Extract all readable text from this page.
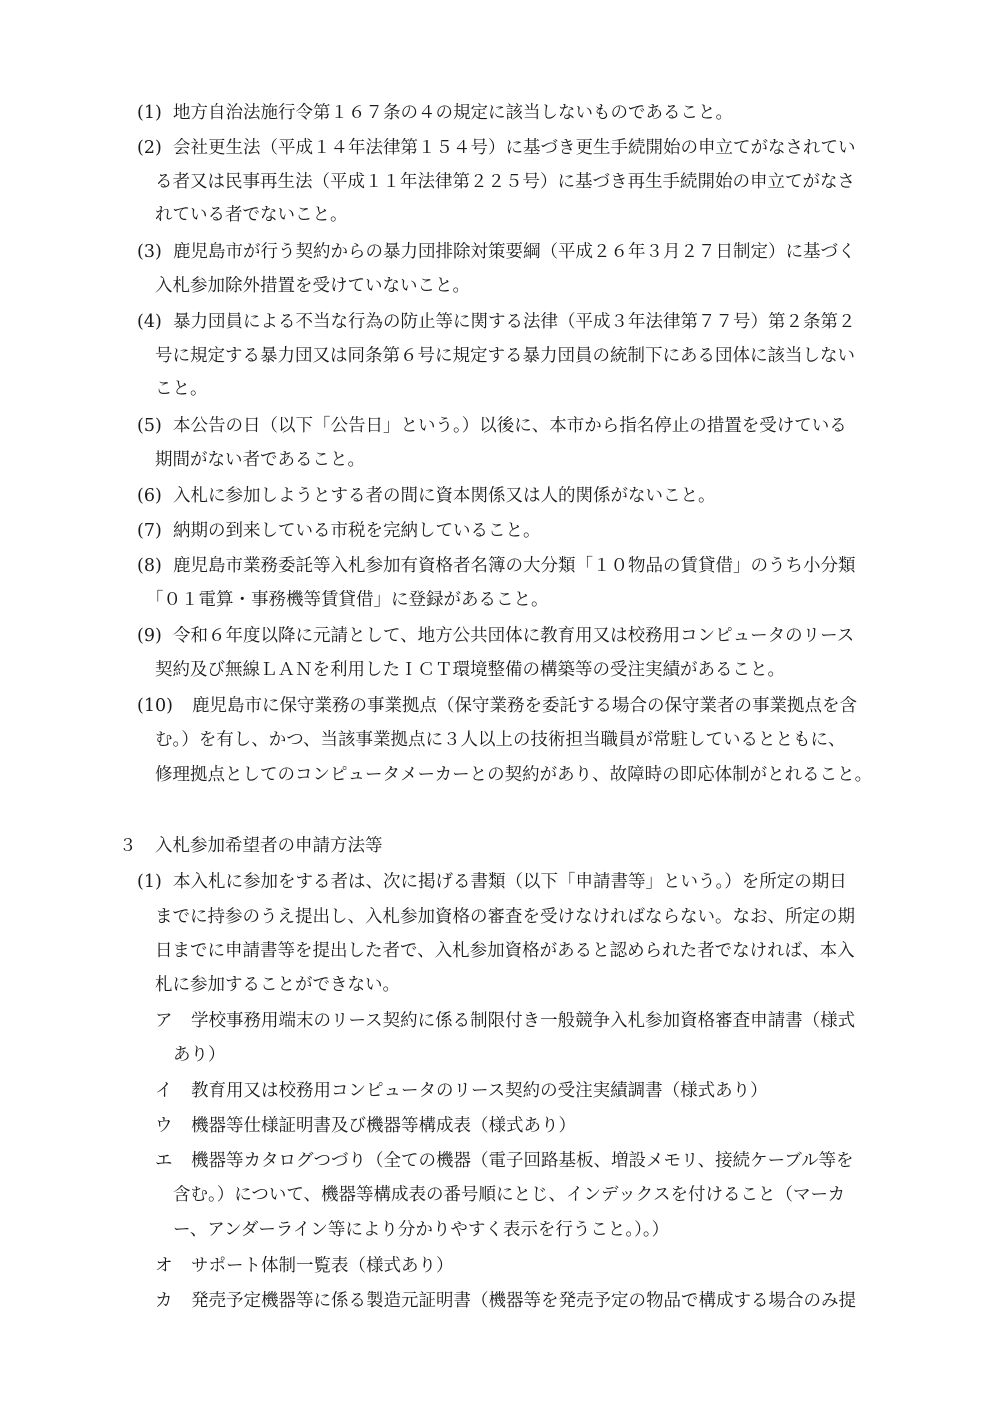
(1) 地方自治法施行令第１６７条の４の規定に該当しないものであること。
(2) 会社更生法（平成１４年法律第１５４号）に基づき更生手続開始の申立てがなされてい
る者又は民事再生法（平成１１年法律第２２５号）に基づき再生手続開始の申立てがなさ
れている者でないこと。
(3) 鹿児島市が行う契約からの暴力団排除対策要綱（平成２６年３月２７日制定）に基づく
入札参加除外措置を受けていないこと。
(4) 暴力団員による不当な行為の防止等に関する法律（平成３年法律第７７号）第２条第２
号に規定する暴力団又は同条第６号に規定する暴力団員の統制下にある団体に該当しない
こと。
(5) 本公告の日（以下「公告日」という。）以後に、本市から指名停止の措置を受けている
期間がない者であること。
(6) 入札に参加しようとする者の間に資本関係又は人的関係がないこと。
(7) 納期の到来している市税を完納していること。
(8) 鹿児島市業務委託等入札参加有資格者名簿の大分類「１０物品の賃貸借」のうち小分類
「０１電算・事務機等賃貸借」に登録があること。
(9) 令和６年度以降に元請として、地方公共団体に教育用又は校務用コンピュータのリース
契約及び無線ＬＡＮを利用したＩＣＴ環境整備の構築等の受注実績があること。
(10) 鹿児島市に保守業務の事業拠点（保守業務を委託する場合の保守業者の事業拠点を含
む。）を有し、かつ、当該事業拠点に３人以上の技術担当職員が常駐しているとともに、
修理拠点としてのコンピュータメーカーとの契約があり、故障時の即応体制がとれること。
３ 入札参加希望者の申請方法等
(1) 本入札に参加をする者は、次に掲げる書類（以下「申請書等」という。）を所定の期日
までに持参のうえ提出し、入札参加資格の審査を受けなければならない。なお、所定の期
日までに申請書等を提出した者で、入札参加資格があると認められた者でなければ、本入
札に参加することができない。
ア 学校事務用端末のリース契約に係る制限付き一般競争入札参加資格審査申請書（様式
あり）
イ 教育用又は校務用コンピュータのリース契約の受注実績調書（様式あり）
ウ 機器等仕様証明書及び機器等構成表（様式あり）
エ 機器等カタログつづり（全ての機器（電子回路基板、増設メモリ、接続ケーブル等を
含む。）について、機器等構成表の番号順にとじ、インデックスを付けること（マーカ
ー、アンダーライン等により分かりやすく表示を行うこと。）。）
オ サポート体制一覧表（様式あり）
カ 発売予定機器等に係る製造元証明書（機器等を発売予定の物品で構成する場合のみ提
